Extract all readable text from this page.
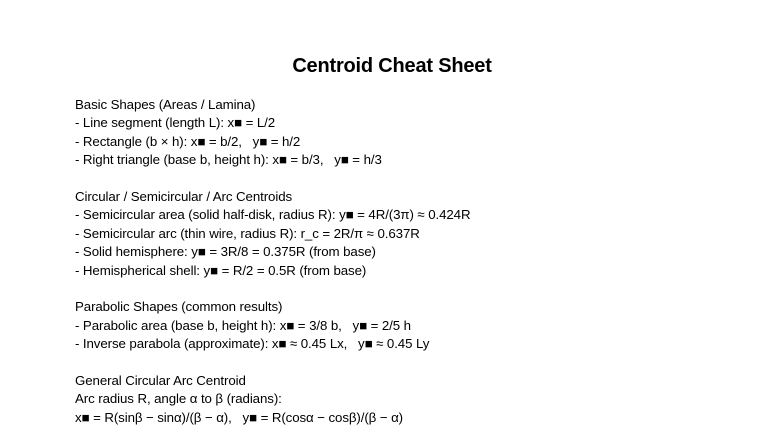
Centroid Cheat Sheet
Basic Shapes (Areas / Lamina)
- Line segment (length L): x■ = L/2
- Rectangle (b × h): x■ = b/2,   y■ = h/2
- Right triangle (base b, height h): x■ = b/3,   y■ = h/3
Circular / Semicircular / Arc Centroids
- Semicircular area (solid half-disk, radius R): y■ = 4R/(3π) ≈ 0.424R
- Semicircular arc (thin wire, radius R): r_c = 2R/π ≈ 0.637R
- Solid hemisphere: y■ = 3R/8 = 0.375R (from base)
- Hemispherical shell: y■ = R/2 = 0.5R (from base)
Parabolic Shapes (common results)
- Parabolic area (base b, height h): x■ = 3/8 b,   y■ = 2/5 h
- Inverse parabola (approximate): x■ ≈ 0.45 Lx,   y■ ≈ 0.45 Ly
General Circular Arc Centroid
Arc radius R, angle α to β (radians):
x■ = R(sinβ − sinα)/(β − α),   y■ = R(cosα − cosβ)/(β − α)
